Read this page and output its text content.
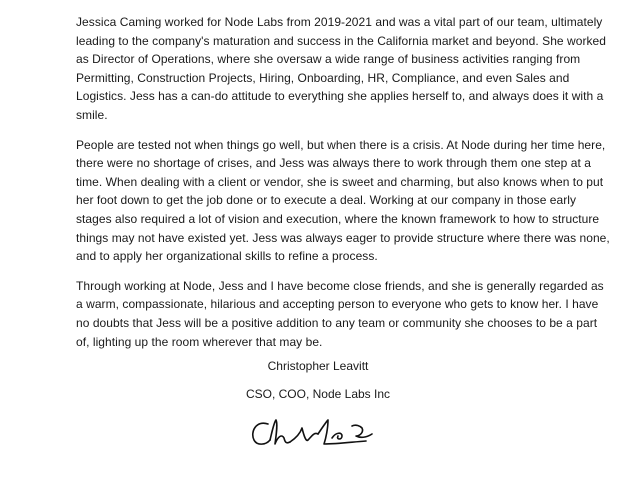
Jessica Caming worked for Node Labs from 2019-2021 and was a vital part of our team, ultimately leading to the company's maturation and success in the California market and beyond. She worked as Director of Operations, where she oversaw a wide range of business activities ranging from Permitting, Construction Projects, Hiring, Onboarding, HR, Compliance, and even Sales and Logistics. Jess has a can-do attitude to everything she applies herself to, and always does it with a smile.

People are tested not when things go well, but when there is a crisis. At Node during her time here, there were no shortage of crises, and Jess was always there to work through them one step at a time. When dealing with a client or vendor, she is sweet and charming, but also knows when to put her foot down to get the job done or to execute a deal. Working at our company in those early stages also required a lot of vision and execution, where the known framework to how to structure things may not have existed yet. Jess was always eager to provide structure where there was none, and to apply her organizational skills to refine a process.

Through working at Node, Jess and I have become close friends, and she is generally regarded as a warm, compassionate, hilarious and accepting person to everyone who gets to know her. I have no doubts that Jess will be a positive addition to any team or community she chooses to be a part of, lighting up the room wherever that may be.

Christopher Leavitt
CSO, COO, Node Labs Inc
